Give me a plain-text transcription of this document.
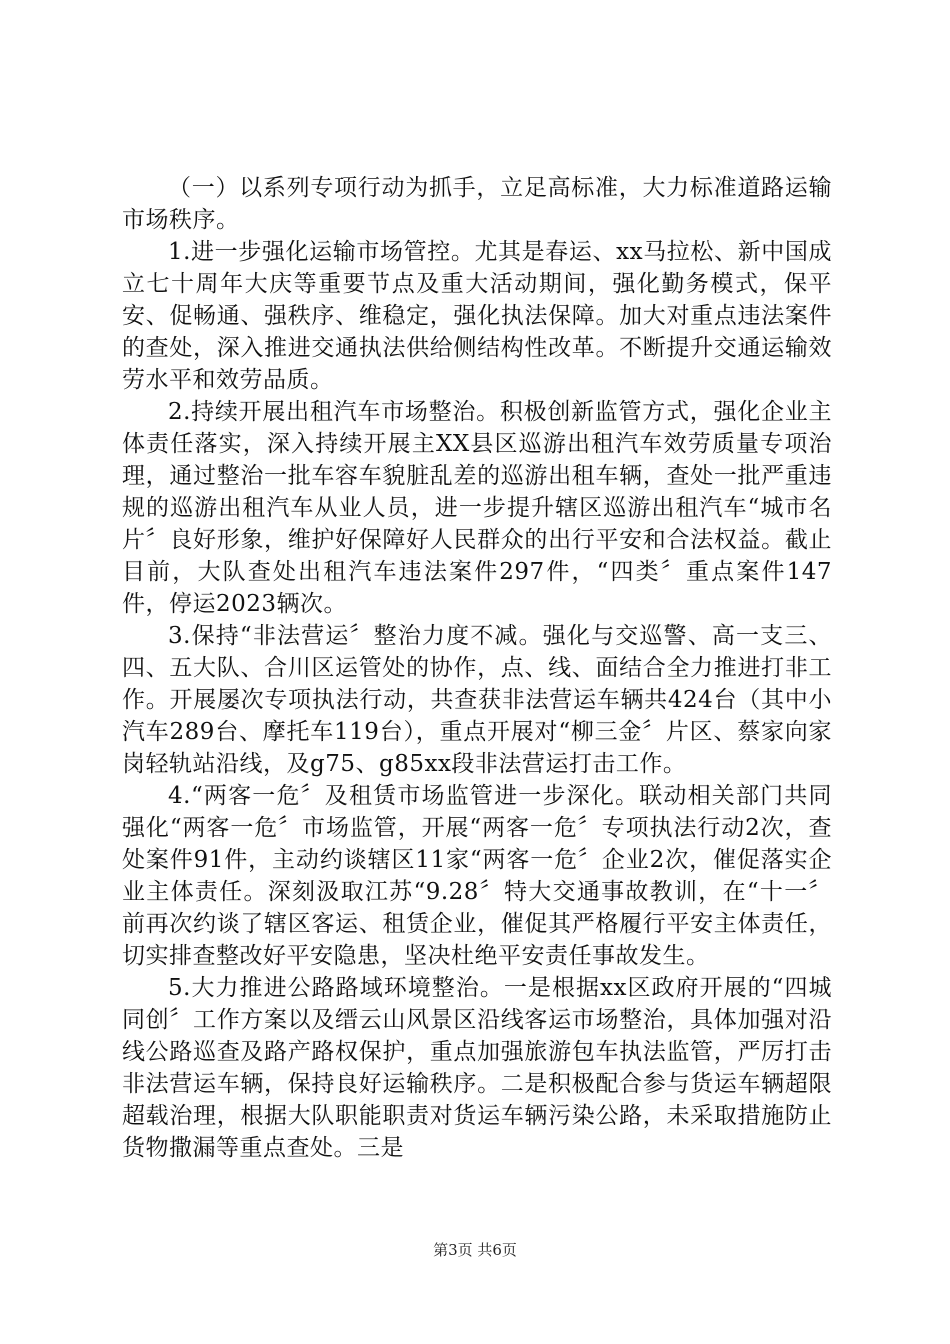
（一）以系列专项行动为抓手，立足高标准，大力标准道路运输市场秩序。

1.进一步强化运输市场管控。尤其是春运、xx马拉松、新中国成立七十周年大庆等重要节点及重大活动期间，强化勤务模式，保平安、促畅通、强秩序、维稳定，强化执法保障。加大对重点违法案件的查处，深入推进交通执法供给侧结构性改革。不断提升交通运输效劳水平和效劳品质。

2.持续开展出租汽车市场整治。积极创新监管方式，强化企业主体责任落实，深入持续开展主XX县区巡游出租汽车效劳质量专项治理，通过整治一批车容车貌脏乱差的巡游出租车辆，查处一批严重违规的巡游出租汽车从业人员，进一步提升辖区巡游出租汽车“城市名片〞良好形象，维护好保障好人民群众的出行平安和合法权益。截止目前，大队查处出租汽车违法案件297件，“四类〞重点案件147件，停运2023辆次。

3.保持“非法营运〞整治力度不减。强化与交巡警、高一支三、四、五大队、合川区运管处的协作，点、线、面结合全力推进打非工作。开展屡次专项执法行动，共查获非法营运车辆共424台（其中小汽车289台、摩托车119台），重点开展对“柳三金〞片区、蔡家向家岗轻轨站沿线，及g75、g85xx段非法营运打击工作。

4.“两客一危〞及租赁市场监管进一步深化。联动相关部门共同强化“两客一危〞市场监管，开展“两客一危〞专项执法行动2次，查处案件91件，主动约谈辖区11家“两客一危〞企业2次，催促落实企业主体责任。深刻汲取江苏“9.28〞特大交通事故教训，在“十一〞前再次约谈了辖区客运、租赁企业，催促其严格履行平安主体责任，切实排查整改好平安隐患，坚决杜绝平安责任事故发生。

5.大力推进公路路域环境整治。一是根据xx区政府开展的“四城同创〞工作方案以及缙云山风景区沿线客运市场整治，具体加强对沿线公路巡查及路产路权保护，重点加强旅游包车执法监管，严厉打击非法营运车辆，保持良好运输秩序。二是积极配合参与货运车辆超限超载治理，根据大队职能职责对货运车辆污染公路，未采取措施防止货物撒漏等重点查处。三是

第3页 共6页
